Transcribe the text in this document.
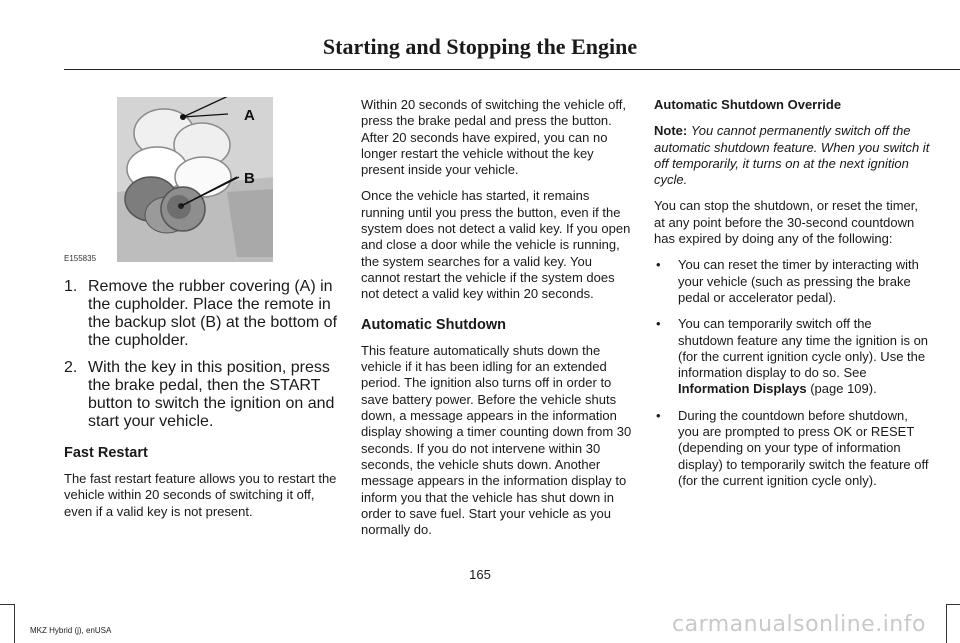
Starting and Stopping the Engine
A
B
E155835
1. Remove the rubber covering (A) in the cupholder. Place the remote in the backup slot (B) at the bottom of the cupholder.
2. With the key in this position, press the brake pedal, then the START button to switch the ignition on and start your vehicle.
Fast Restart

The fast restart feature allows you to restart the vehicle within 20 seconds of switching it off, even if a valid key is not present.

Within 20 seconds of switching the vehicle off, press the brake pedal and press the button. After 20 seconds have expired, you can no longer restart the vehicle without the key present inside your vehicle.

Once the vehicle has started, it remains running until you press the button, even if the system does not detect a valid key. If you open and close a door while the vehicle is running, the system searches for a valid key. You cannot restart the vehicle if the system does not detect a valid key within 20 seconds.

Automatic Shutdown

This feature automatically shuts down the vehicle if it has been idling for an extended period. The ignition also turns off in order to save battery power. Before the vehicle shuts down, a message appears in the information display showing a timer counting down from 30 seconds. If you do not intervene within 30 seconds, the vehicle shuts down. Another message appears in the information display to inform you that the vehicle has shut down in order to save fuel. Start your vehicle as you normally do.

Automatic Shutdown Override

Note: You cannot permanently switch off the automatic shutdown feature. When you switch it off temporarily, it turns on at the next ignition cycle.

You can stop the shutdown, or reset the timer, at any point before the 30-second countdown has expired by doing any of the following:

• You can reset the timer by interacting with your vehicle (such as pressing the brake pedal or accelerator pedal).
• You can temporarily switch off the shutdown feature any time the ignition is on (for the current ignition cycle only). Use the information display to do so. See Information Displays (page 109).
• During the countdown before shutdown, you are prompted to press OK or RESET (depending on your type of information display) to temporarily switch the feature off (for the current ignition cycle only).
165
MKZ Hybrid (j), enUSA	carmanualsonline.info
